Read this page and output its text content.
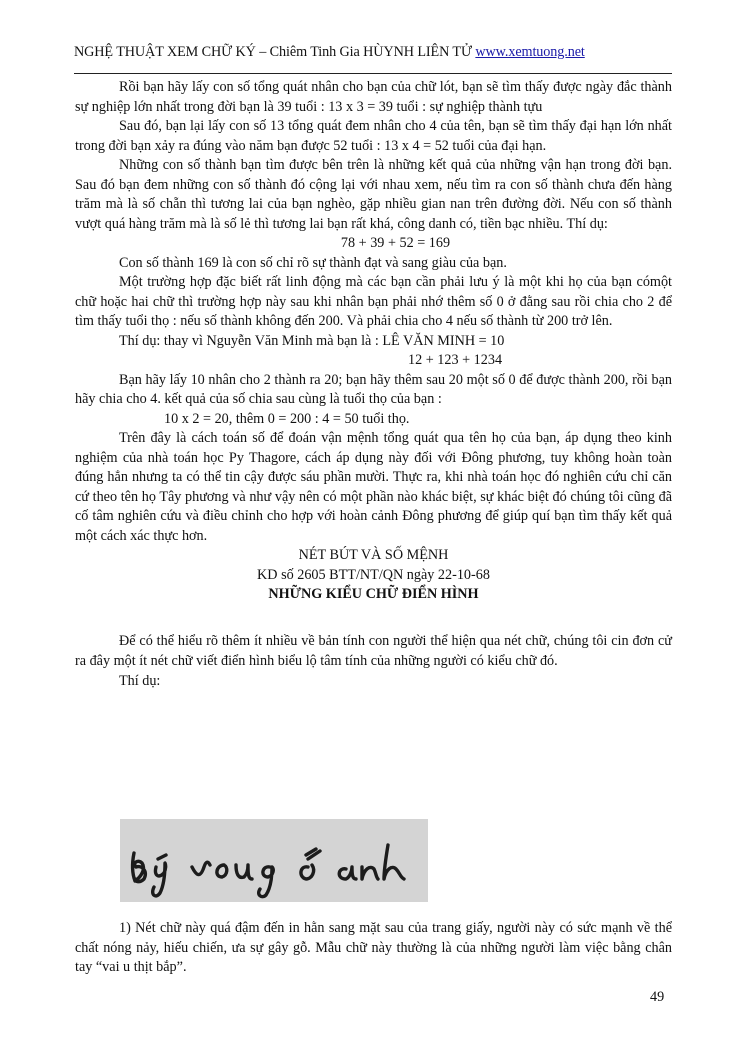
NGHỆ THUẬT XEM CHỮ KÝ – Chiêm Tinh Gia HÙYNH LIÊN TỬ www.xemtuong.net

Rồi bạn hãy lấy con số tổng quát nhân cho bạn của chữ lót, bạn sẽ tìm thấy được ngày đắc thành sự nghiệp lớn nhất trong đời bạn là 39 tuổi : 13 x 3 = 39 tuổi : sự nghiệp thành tựu

Sau đó, bạn lại lấy con số 13 tổng quát đem nhân cho 4 của tên, bạn sẽ tìm thấy đại hạn lớn nhất trong đời bạn xảy ra đúng vào năm bạn được 52 tuổi : 13 x 4 = 52 tuổi của đại hạn.

Những con số thành bạn tìm được bên trên là những kết quả của những vận hạn trong đời bạn. Sau đó bạn đem những con số thành đó cộng lại với nhau xem, nếu tìm ra con số thành chưa đến hàng trăm mà là số chẵn thì tương lai của bạn nghèo, gặp nhiều gian nan trên đường đời. Nếu con số thành vượt quá hàng trăm mà là số lẻ thì tương lai bạn rất khá, công danh có, tiền bạc nhiều. Thí dụ:

78 + 39 + 52 = 169

Con số thành 169 là con số chỉ rõ sự thành đạt và sang giàu của bạn.

Một trường hợp đặc biết rất linh động mà các bạn cần phải lưu ý là một khi họ của bạn cómột chữ hoặc hai chữ thì trường hợp này sau khi nhân bạn phải nhớ thêm số 0 ở đằng sau rồi chia cho 2 để tìm thấy tuổi thọ : nếu số thành không đến 200. Và phải chia cho 4 nếu số thành từ 200 trở lên.

Thí dụ: thay vì Nguyễn Văn Minh mà bạn là : LÊ VĂN MINH = 10

12 + 123 + 1234

Bạn hãy lấy 10 nhân cho 2 thành ra 20; bạn hãy thêm sau 20 một số 0 để được thành 200, rồi bạn hãy chia cho 4. kết quả của số chia sau cùng là tuổi thọ của bạn :

10 x 2 = 20, thêm 0 = 200 : 4 = 50 tuổi thọ.

Trên đây là cách toán số để đoán vận mệnh tổng quát qua tên họ của bạn, áp dụng theo kinh nghiệm của nhà toán học Py Thagore, cách áp dụng này đối với Đông phương, tuy không hoàn toàn đúng hẳn nhưng ta có thể tin cậy được sáu phần mười. Thực ra, khi nhà toán học đó nghiên cứu chỉ căn cứ theo tên họ Tây phương và như vậy nên có một phần nào khác biệt, sự khác biệt đó chúng tôi cũng đã cố tâm nghiên cứu và điều chỉnh cho hợp với hoàn cảnh Đông phương để giúp quí bạn tìm thấy kết quả một cách xác thực hơn.

NÉT BÚT VÀ SỐ MỆNH

KD số 2605 BTT/NT/QN ngày 22-10-68

NHỮNG KIỂU CHỮ ĐIỂN HÌNH

Để có thể hiểu rõ thêm ít nhiều về bản tính con người thể hiện qua nét chữ, chúng tôi cin đơn cử ra đây một ít nét chữ viết điển hình biểu lộ tâm tính của những người có kiểu chữ đó.

Thí dụ:

1) Nét chữ này quá đậm đến in hằn sang mặt sau của trang giấy, người này có sức mạnh về thể chất nóng nảy, hiếu chiến, ưa sự gây gỗ. Mẫu chữ này thường là của những người làm việc bằng chân tay “vai u thịt bắp”.

49
